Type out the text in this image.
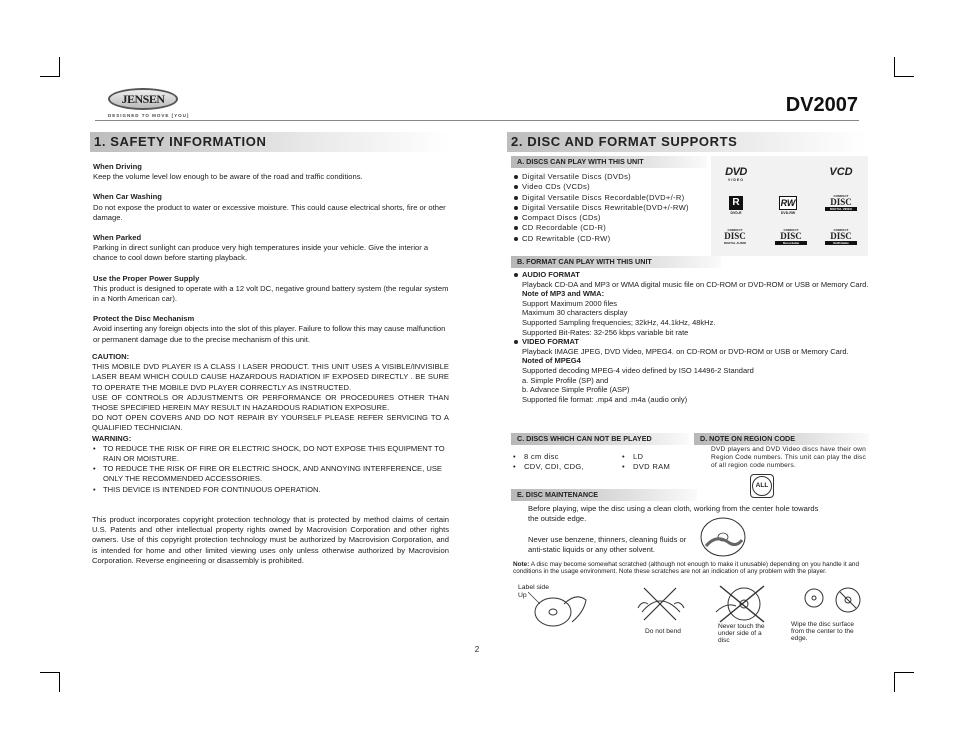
JENSEN
DESIGNED TO MOVE [YOU]	DV2007
1. SAFETY INFORMATION
When Driving
Keep the volume level low enough to be aware of the road and traffic conditions.
When Car Washing
Do not expose the product to water or excessive moisture. This could cause electrical shorts, fire or other damage.
When Parked
Parking in direct sunlight can produce very high temperatures inside your vehicle. Give the interior a chance to cool down before starting playback.
Use the Proper Power Supply
This product is designed to operate with a 12 volt DC, negative ground battery system (the regular system in a North American car).
Protect the Disc Mechanism
Avoid inserting any foreign objects into the slot of this player. Failure to follow this may cause malfunction or permanent damage due to the precise mechanism of this unit.
CAUTION:
THIS MOBILE DVD PLAYER IS A CLASS I LASER PRODUCT. THIS UNIT USES A VISIBLE/INVISIBLE LASER BEAM WHICH COULD CAUSE HAZARDOUS RADIATION IF EXPOSED DIRECTLY . BE SURE TO OPERATE THE MOBILE DVD PLAYER CORRECTLY AS INSTRUCTED.
USE OF CONTROLS OR ADJUSTMENTS OR PERFORMANCE OR PROCEDURES OTHER THAN THOSE SPECIFIED HEREIN MAY RESULT IN HAZARDOUS RADIATION EXPOSURE.
DO NOT OPEN COVERS AND DO NOT REPAIR BY YOURSELF PLEASE REFER SERVICING TO A QUALIFIED TECHNICIAN.
WARNING:
• TO REDUCE THE RISK OF FIRE OR ELECTRIC SHOCK, DO NOT EXPOSE THIS EQUIPMENT TO RAIN OR MOISTURE.
• TO REDUCE THE RISK OF FIRE OR ELECTRIC SHOCK, AND ANNOYING INTERFERENCE, USE ONLY THE RECOMMENDED ACCESSORIES.
• THIS DEVICE IS INTENDED FOR CONTINUOUS OPERATION.
This product incorporates copyright protection technology that is protected by method claims of certain U.S. Patents and other intellectual property rights owned by Macrovision Corporation and other rights owners. Use of this copyright protection technology must be authorized by Macrovision Corporation, and is intended for home and other limited viewing uses only unless otherwise authorized by Macrovision Corporation. Reverse engineering or disassembly is prohibited.
2. DISC AND FORMAT SUPPORTS
A. DISCS CAN PLAY WITH THIS UNIT
Digital Versatile Discs (DVDs)
Video CDs (VCDs)
Digital Versatile Discs Recordable(DVD+/-R)
Digital Versatile Discs Rewritable(DVD+/-RW)
Compact Discs (CDs)
CD Recordable (CD-R)
CD Rewritable (CD-RW)
DVD
VIDEO
VCD
R
DVD-R
RW
DVD-RW
COMPACT
DISC
DIGITAL VIDEO
COMPACT
DISC
DIGITAL AUDIO
COMPACT
DISC
Recordable
COMPACT
DISC
ReWritable
B. FORMAT CAN PLAY WITH THIS UNIT
AUDIO FORMAT
Playback CD-DA and MP3 or WMA digital music file on CD-ROM or DVD-ROM or USB or Memory Card.
Note of MP3 and WMA:
Support Maximum 2000 files
Maximum 30 characters display
Supported Sampling frequencies; 32kHz, 44.1kHz, 48kHz.
Supported Bit-Rates: 32-256 kbps variable bit rate
VIDEO FORMAT
Playback IMAGE JPEG, DVD Video, MPEG4. on CD-ROM or DVD-ROM or USB or Memory Card.
Noted of MPEG4
Supported decoding MPEG-4 video defined by ISO 14496-2 Standard
a. Simple Profile (SP) and
b. Advance Simple Profile (ASP)
Supported file format: .mp4 and .m4a (audio only)
C. DISCS WHICH CAN NOT BE PLAYED
• 8 cm disc
• CDV, CDI, CDG,
• LD
• DVD RAM
D. NOTE ON REGION CODE
DVD players and DVD Video discs have their own Region Code numbers. This unit can play the disc of all region code numbers.
ALL
E. DISC MAINTENANCE
Before playing, wipe the disc using a clean cloth, working from the center hole towards the outside edge.
Never use benzene, thinners, cleaning fluids or anti-static liquids or any other solvent.
Note: A disc may become somewhat scratched (although not enough to make it unusable) depending on you handle it and conditions in the usage environment. Note these scratches are not an indication of any problem with the player.
Label side
Up
Do not bend
Never touch the under side of a disc
Wipe the disc surface from the center to the edge.
2
